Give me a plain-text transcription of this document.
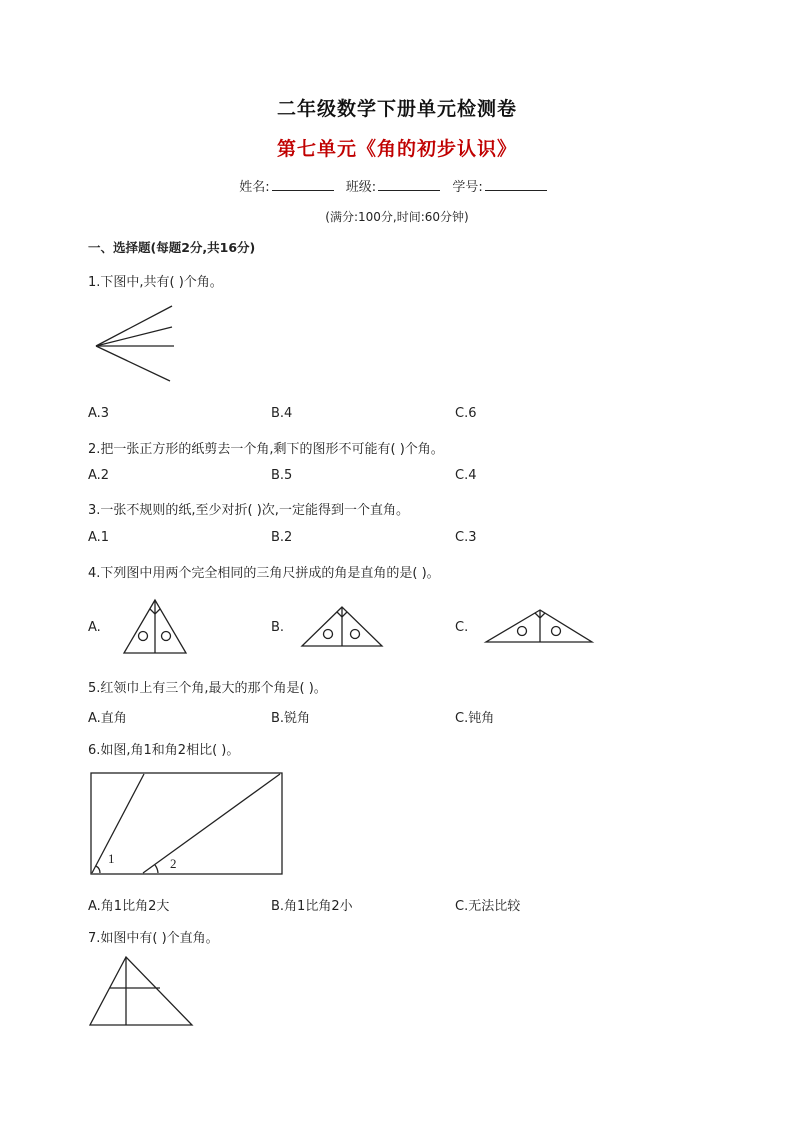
二年级数学下册单元检测卷
第七单元《角的初步认识》
姓名:	班级:	学号:
(满分:100分,时间:60分钟)
一、选择题(每题2分,共16分)
1.下图中,共有( )个角。
A.3	B.4	C.6
2.把一张正方形的纸剪去一个角,剩下的图形不可能有( )个角。
A.2	B.5	C.4
3.一张不规则的纸,至少对折( )次,一定能得到一个直角。
A.1	B.2	C.3
4.下列图中用两个完全相同的三角尺拼成的角是直角的是( )。
A.	B.	C.
5.红领巾上有三个角,最大的那个角是( )。
A.直角	B.锐角	C.钝角
6.如图,角1和角2相比( )。
1	2
A.角1比角2大	B.角1比角2小	C.无法比较
7.如图中有( )个直角。
